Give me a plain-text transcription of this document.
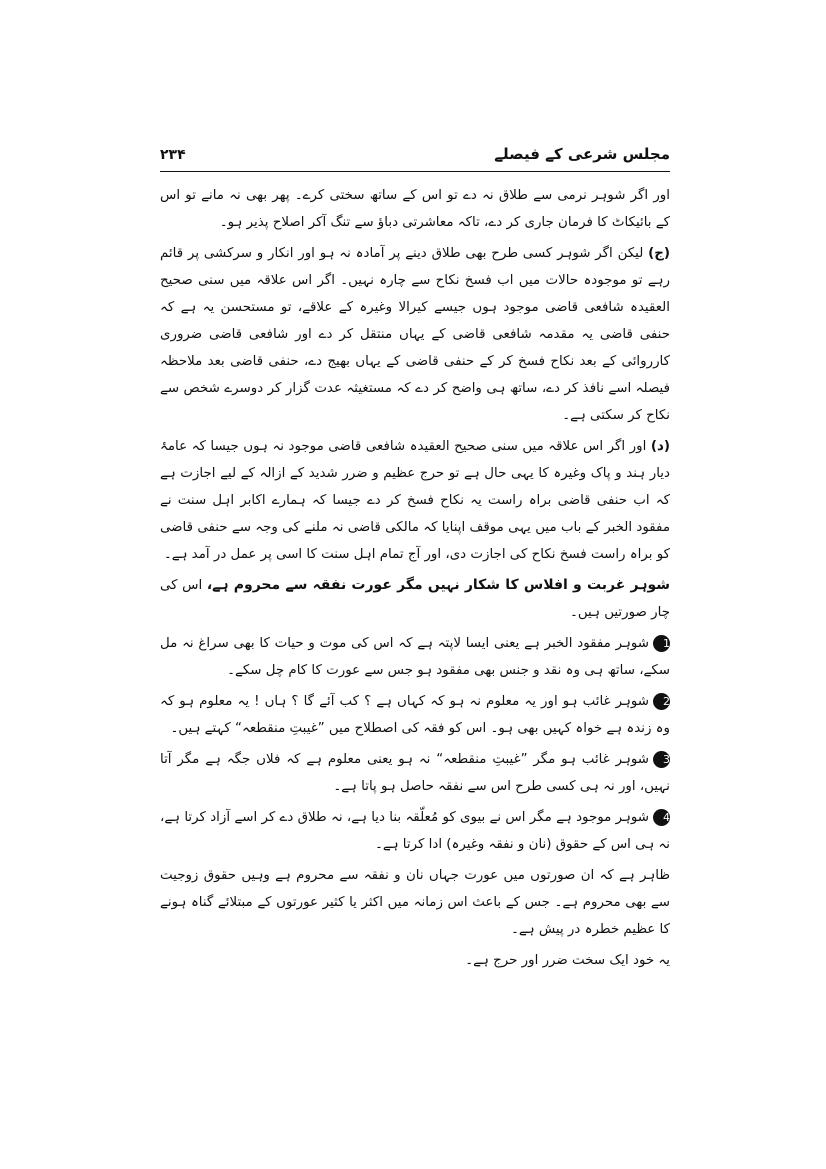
مجلس شرعی کے فیصلے
۲۳۴

اور اگر شوہر نرمی سے طلاق نہ دے تو اس کے ساتھ سختی کرے۔ پھر بھی نہ مانے تو اس کے بائیکاٹ کا فرمان جاری کر دے، تاکہ معاشرتی دباؤ سے تنگ آکر اصلاح پذیر ہو۔

(ج) لیکن اگر شوہر کسی طرح بھی طلاق دینے پر آمادہ نہ ہو اور انکار و سرکشی پر قائم رہے تو موجودہ حالات میں اب فسخ نکاح سے چارہ نہیں۔ اگر اس علاقہ میں سنی صحیح العقیدہ شافعی قاضی موجود ہوں جیسے کیرالا وغیرہ کے علاقے، تو مستحسن یہ ہے کہ حنفی قاضی یہ مقدمہ شافعی قاضی کے یہاں منتقل کر دے اور شافعی قاضی ضروری کارروائی کے بعد نکاح فسخ کر کے حنفی قاضی کے یہاں بھیج دے، حنفی قاضی بعد ملاحظہ فیصلہ اسے نافذ کر دے، ساتھ ہی واضح کر دے کہ مستغیثہ عدت گزار کر دوسرے شخص سے نکاح کر سکتی ہے۔

(د) اور اگر اس علاقہ میں سنی صحیح العقیدہ شافعی قاضی موجود نہ ہوں جیسا کہ عامۂ دیار ہند و پاک وغیرہ کا یہی حال ہے تو حرج عظیم و ضرر شدید کے ازالہ کے لیے اجازت ہے کہ اب حنفی قاضی براہ راست یہ نکاح فسخ کر دے جیسا کہ ہمارے اکابر اہل سنت نے مفقود الخبر کے باب میں یہی موقف اپنایا کہ مالکی قاضی نہ ملنے کی وجہ سے حنفی قاضی کو براہ راست فسخ نکاح کی اجازت دی، اور آج تمام اہل سنت کا اسی پر عمل در آمد ہے۔

شوہر غربت و افلاس کا شکار نہیں مگر عورت نفقہ سے محروم ہے، اس کی چار صورتیں ہیں۔

1شوہر مفقود الخبر ہے یعنی ایسا لاپتہ ہے کہ اس کی موت و حیات کا بھی سراغ نہ مل سکے، ساتھ ہی وہ نقد و جنس بھی مفقود ہو جس سے عورت کا کام چل سکے۔

2شوہر غائب ہو اور یہ معلوم نہ ہو کہ کہاں ہے ؟ کب آئے گا ؟ ہاں ! یہ معلوم ہو کہ وہ زندہ ہے خواہ کہیں بھی ہو۔ اس کو فقہ کی اصطلاح میں ”غیبتِ منقطعہ“ کہتے ہیں۔

3شوہر غائب ہو مگر ”غیبتِ منقطعہ“ نہ ہو یعنی معلوم ہے کہ فلاں جگہ ہے مگر آتا نہیں، اور نہ ہی کسی طرح اس سے نفقہ حاصل ہو پاتا ہے۔

4شوہر موجود ہے مگر اس نے بیوی کو مُعلّقہ بنا دیا ہے، نہ طلاق دے کر اسے آزاد کرتا ہے، نہ ہی اس کے حقوق (نان و نفقہ وغیرہ) ادا کرتا ہے۔

ظاہر ہے کہ ان صورتوں میں عورت جہاں نان و نفقہ سے محروم ہے وہیں حقوق زوجیت سے بھی محروم ہے۔ جس کے باعث اس زمانہ میں اکثر یا کثیر عورتوں کے مبتلائے گناہ ہونے کا عظیم خطرہ در پیش ہے۔

یہ خود ایک سخت ضرر اور حرج ہے۔
